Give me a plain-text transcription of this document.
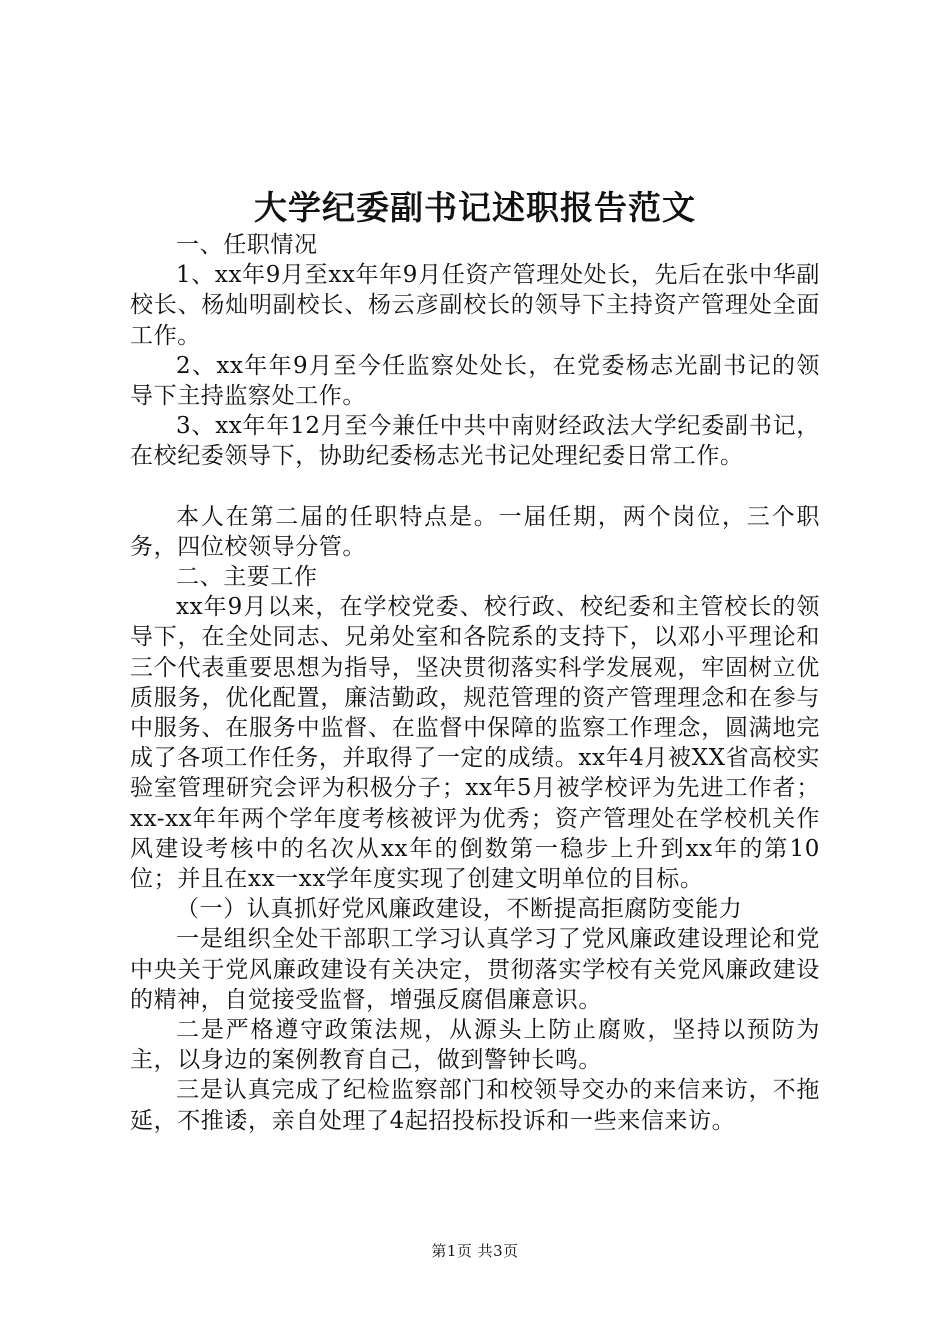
大学纪委副书记述职报告范文

一、任职情况

1、xx年9月至xx年年9月任资产管理处处长，先后在张中华副校长、杨灿明副校长、杨云彦副校长的领导下主持资产管理处全面工作。

2、xx年年9月至今任监察处处长，在党委杨志光副书记的领导下主持监察处工作。

3、xx年年12月至今兼任中共中南财经政法大学纪委副书记，在校纪委领导下，协助纪委杨志光书记处理纪委日常工作。

本人在第二届的任职特点是。一届任期，两个岗位，三个职务，四位校领导分管。

二、主要工作

xx年9月以来，在学校党委、校行政、校纪委和主管校长的领导下，在全处同志、兄弟处室和各院系的支持下，以邓小平理论和三个代表重要思想为指导，坚决贯彻落实科学发展观，牢固树立优质服务，优化配置，廉洁勤政，规范管理的资产管理理念和在参与中服务、在服务中监督、在监督中保障的监察工作理念，圆满地完成了各项工作任务，并取得了一定的成绩。xx年4月被XX省高校实验室管理研究会评为积极分子；xx年5月被学校评为先进工作者；xx-xx年年两个学年度考核被评为优秀；资产管理处在学校机关作风建设考核中的名次从xx年的倒数第一稳步上升到xx年的第10位；并且在xx一xx学年度实现了创建文明单位的目标。

（一）认真抓好党风廉政建设，不断提高拒腐防变能力

一是组织全处干部职工学习认真学习了党风廉政建设理论和党中央关于党风廉政建设有关决定，贯彻落实学校有关党风廉政建设的精神，自觉接受监督，增强反腐倡廉意识。

二是严格遵守政策法规，从源头上防止腐败，坚持以预防为主，以身边的案例教育自己，做到警钟长鸣。

三是认真完成了纪检监察部门和校领导交办的来信来访，不拖延，不推诿，亲自处理了4起招投标投诉和一些来信来访。

第1页 共3页
